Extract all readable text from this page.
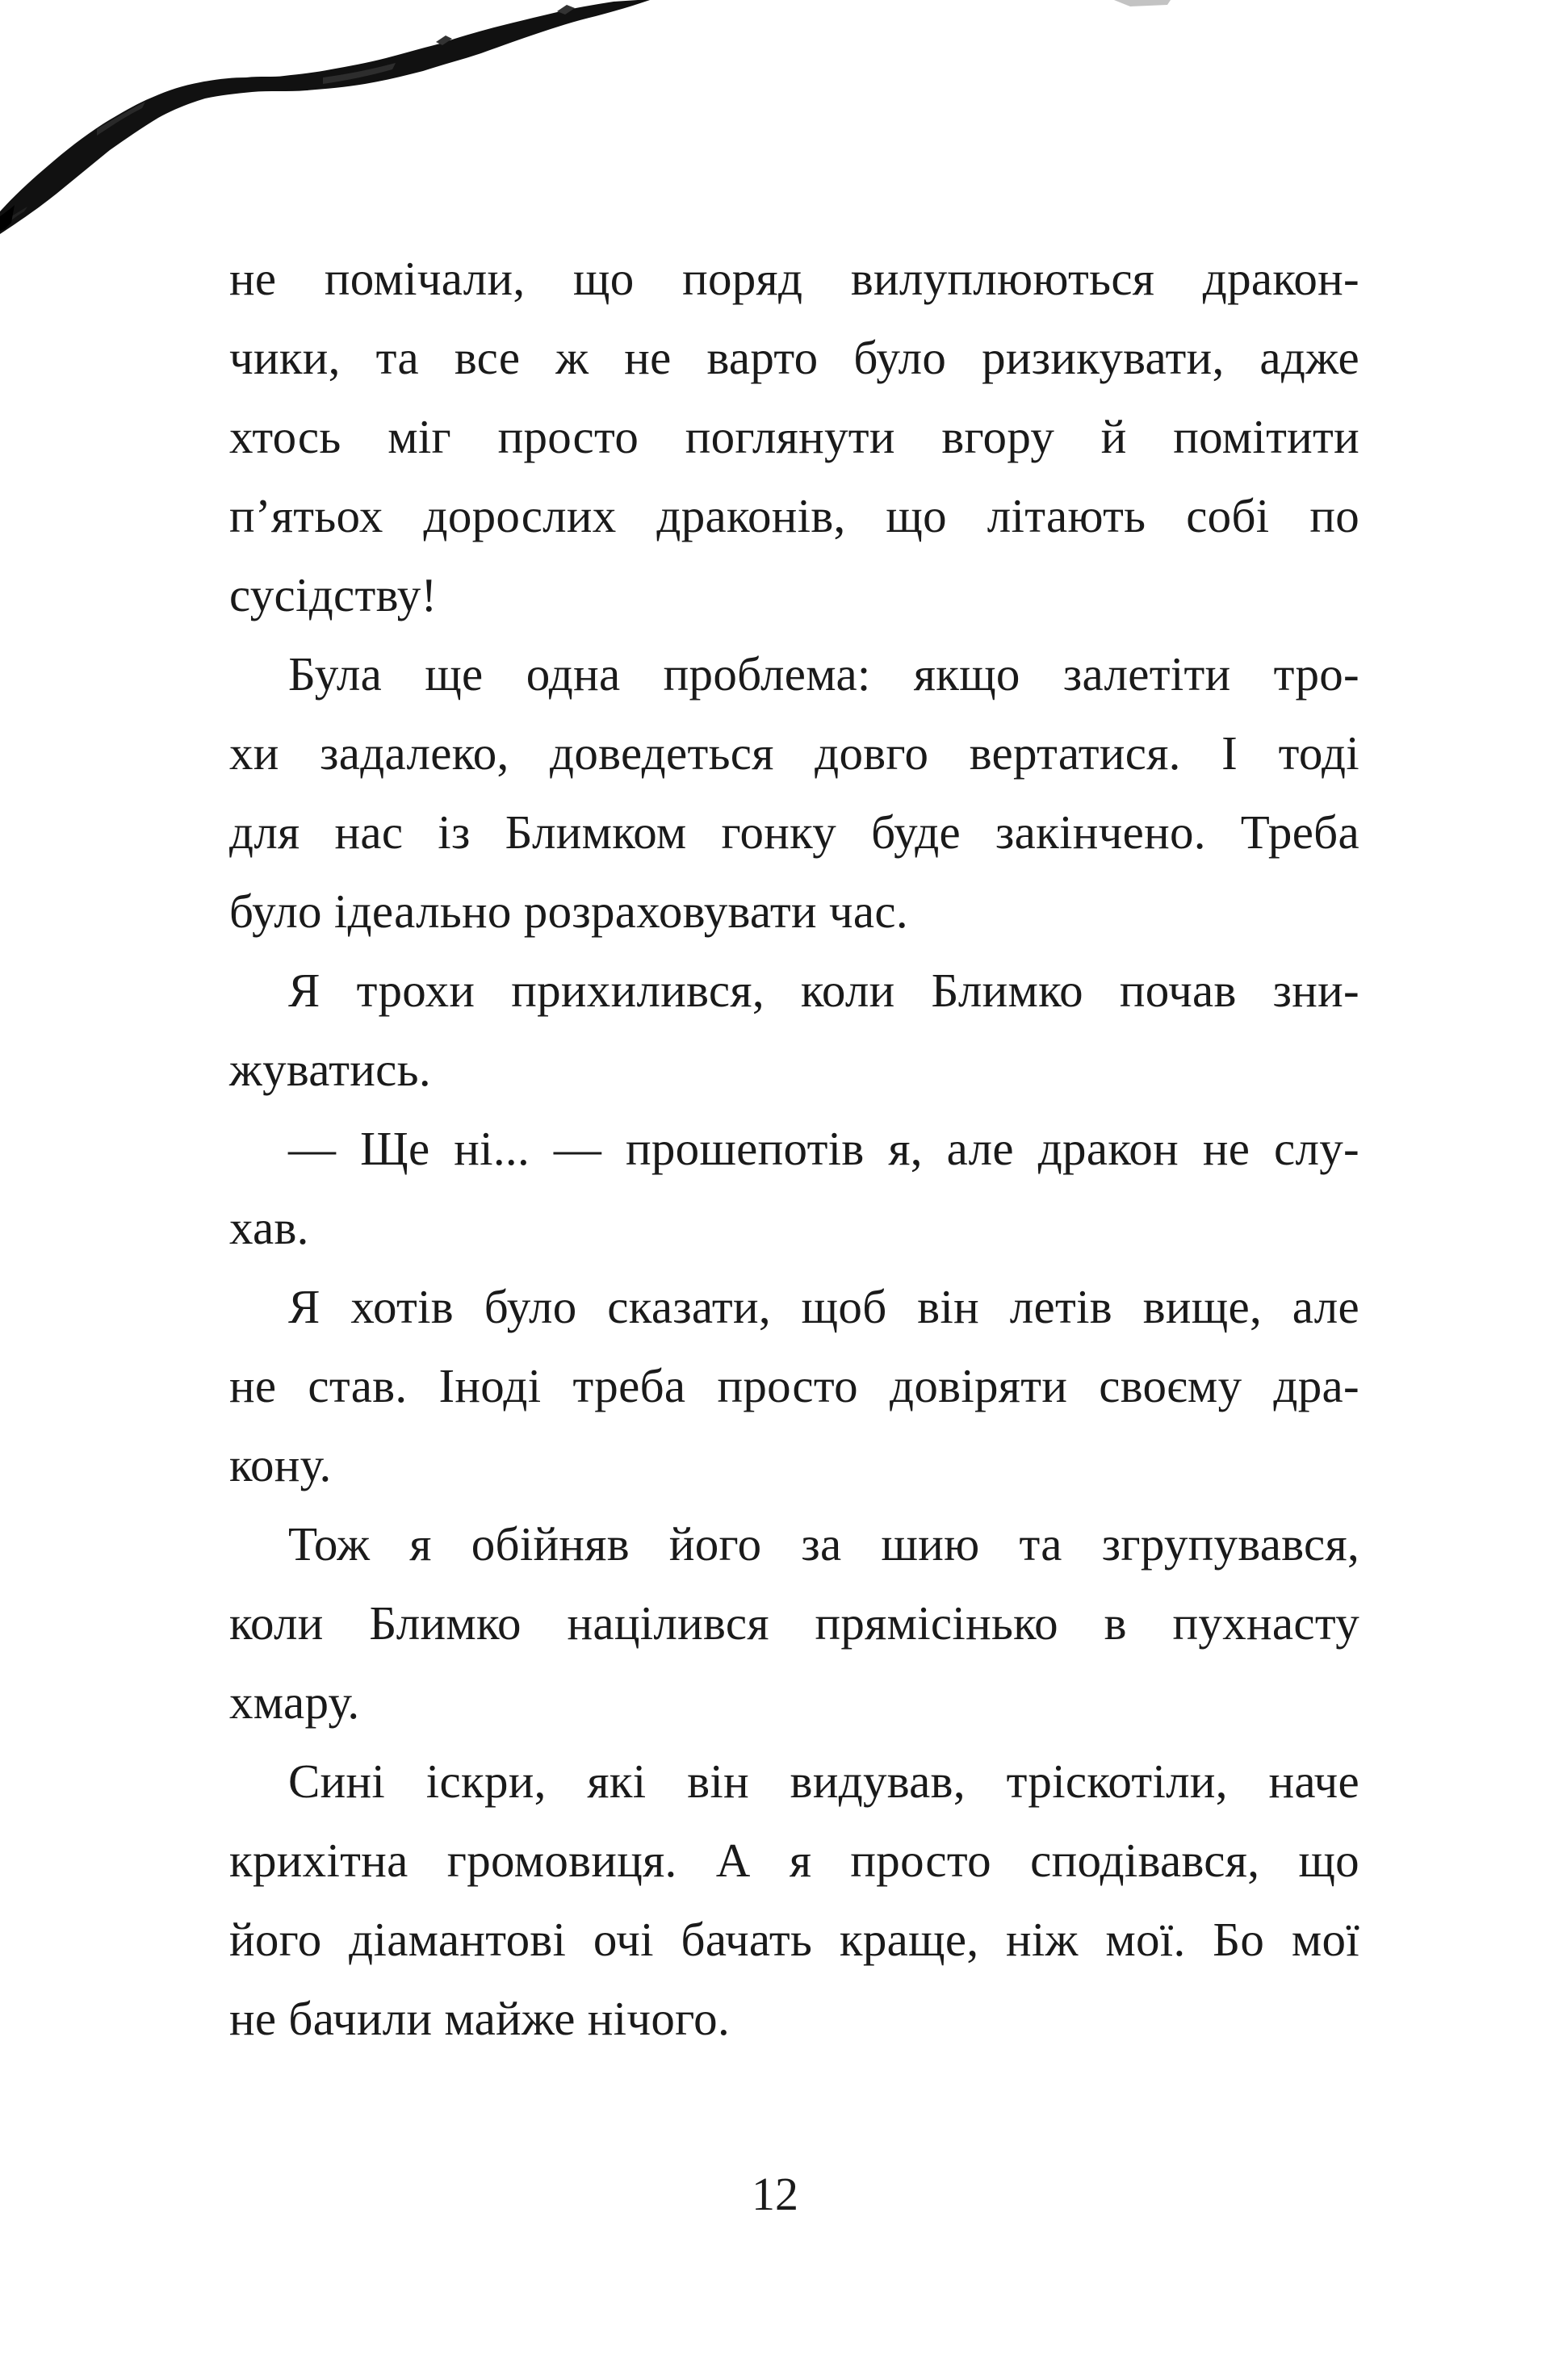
не помічали, що поряд вилуплюються дракон-
чики, та все ж не варто було ризикувати, адже
хтось міг просто поглянути вгору й помітити
п’ятьох дорослих драконів, що літають собі по
сусідству!
Була ще одна проблема: якщо залетіти тро-
хи задалеко, доведеться довго вертатися. І тоді
для нас із Блимком гонку буде закінчено. Треба
було ідеально розраховувати час.
Я трохи прихилився, коли Блимко почав зни-
жуватись.
— Ще ні... — прошепотів я, але дракон не слу-
хав.
Я хотів було сказати, щоб він летів вище, але
не став. Іноді треба просто довіряти своєму дра-
кону.
Тож я обійняв його за шию та згрупувався,
коли Блимко націлився прямісінько в пухнасту
хмару.
Сині іскри, які він видував, тріскотіли, наче
крихітна громовиця. А я просто сподівався, що
його діамантові очі бачать краще, ніж мої. Бо мої
не бачили майже нічого.
12
